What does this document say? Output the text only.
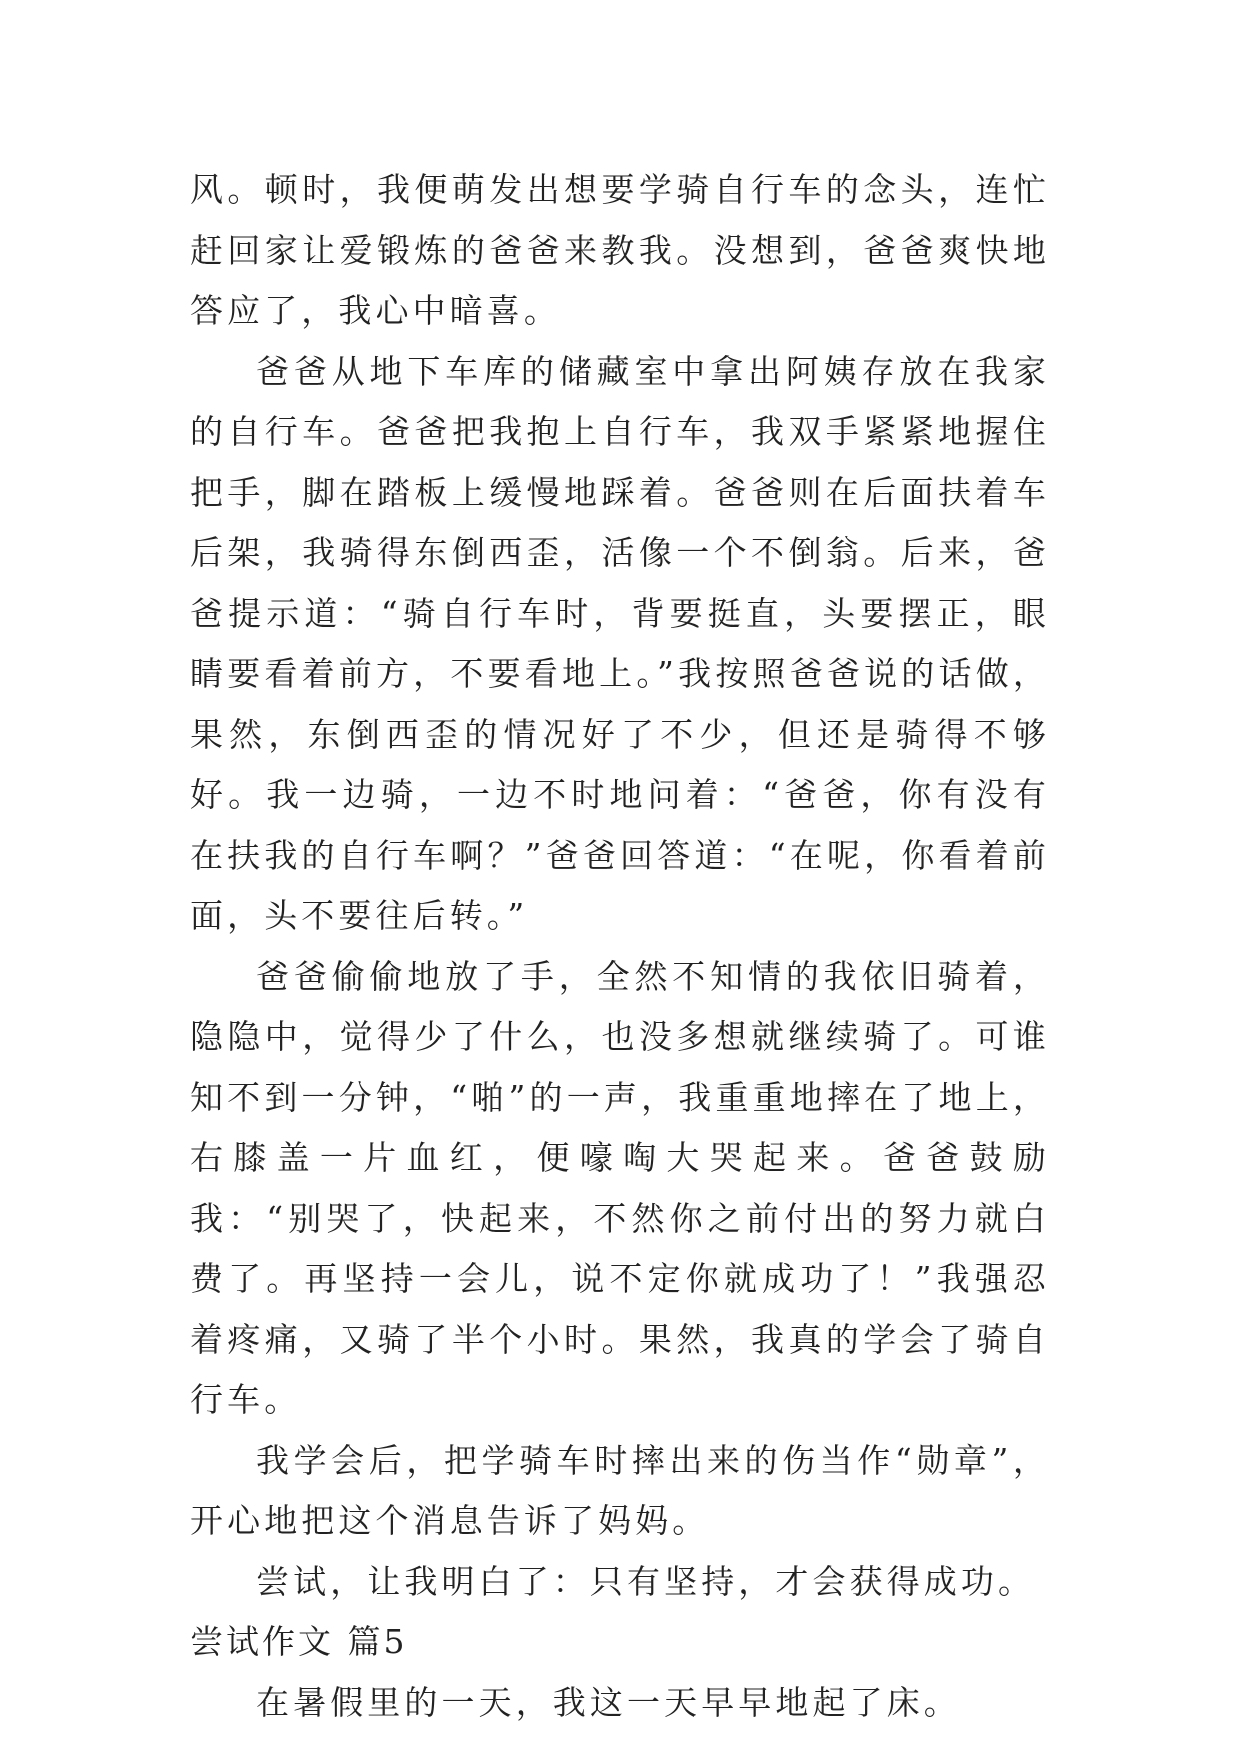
风。顿时，我便萌发出想要学骑自行车的念头，连忙赶回家让爱锻炼的爸爸来教我。没想到，爸爸爽快地答应了，我心中暗喜。

爸爸从地下车库的储藏室中拿出阿姨存放在我家的自行车。爸爸把我抱上自行车，我双手紧紧地握住把手，脚在踏板上缓慢地踩着。爸爸则在后面扶着车后架，我骑得东倒西歪，活像一个不倒翁。后来，爸爸提示道：“骑自行车时，背要挺直，头要摆正，眼睛要看着前方，不要看地上。”我按照爸爸说的话做，果然，东倒西歪的情况好了不少，但还是骑得不够好。我一边骑，一边不时地问着：“爸爸，你有没有在扶我的自行车啊？”爸爸回答道：“在呢，你看着前面，头不要往后转。”

爸爸偷偷地放了手，全然不知情的我依旧骑着，隐隐中，觉得少了什么，也没多想就继续骑了。可谁知不到一分钟，“啪”的一声，我重重地摔在了地上，右膝盖一片血红，便嚎啕大哭起来。爸爸鼓励我：“别哭了，快起来，不然你之前付出的努力就白费了。再坚持一会儿，说不定你就成功了！”我强忍着疼痛，又骑了半个小时。果然，我真的学会了骑自行车。

我学会后，把学骑车时摔出来的伤当作“勋章”，开心地把这个消息告诉了妈妈。

尝试，让我明白了：只有坚持，才会获得成功。

尝试作文 篇5

在暑假里的一天，我这一天早早地起了床。
